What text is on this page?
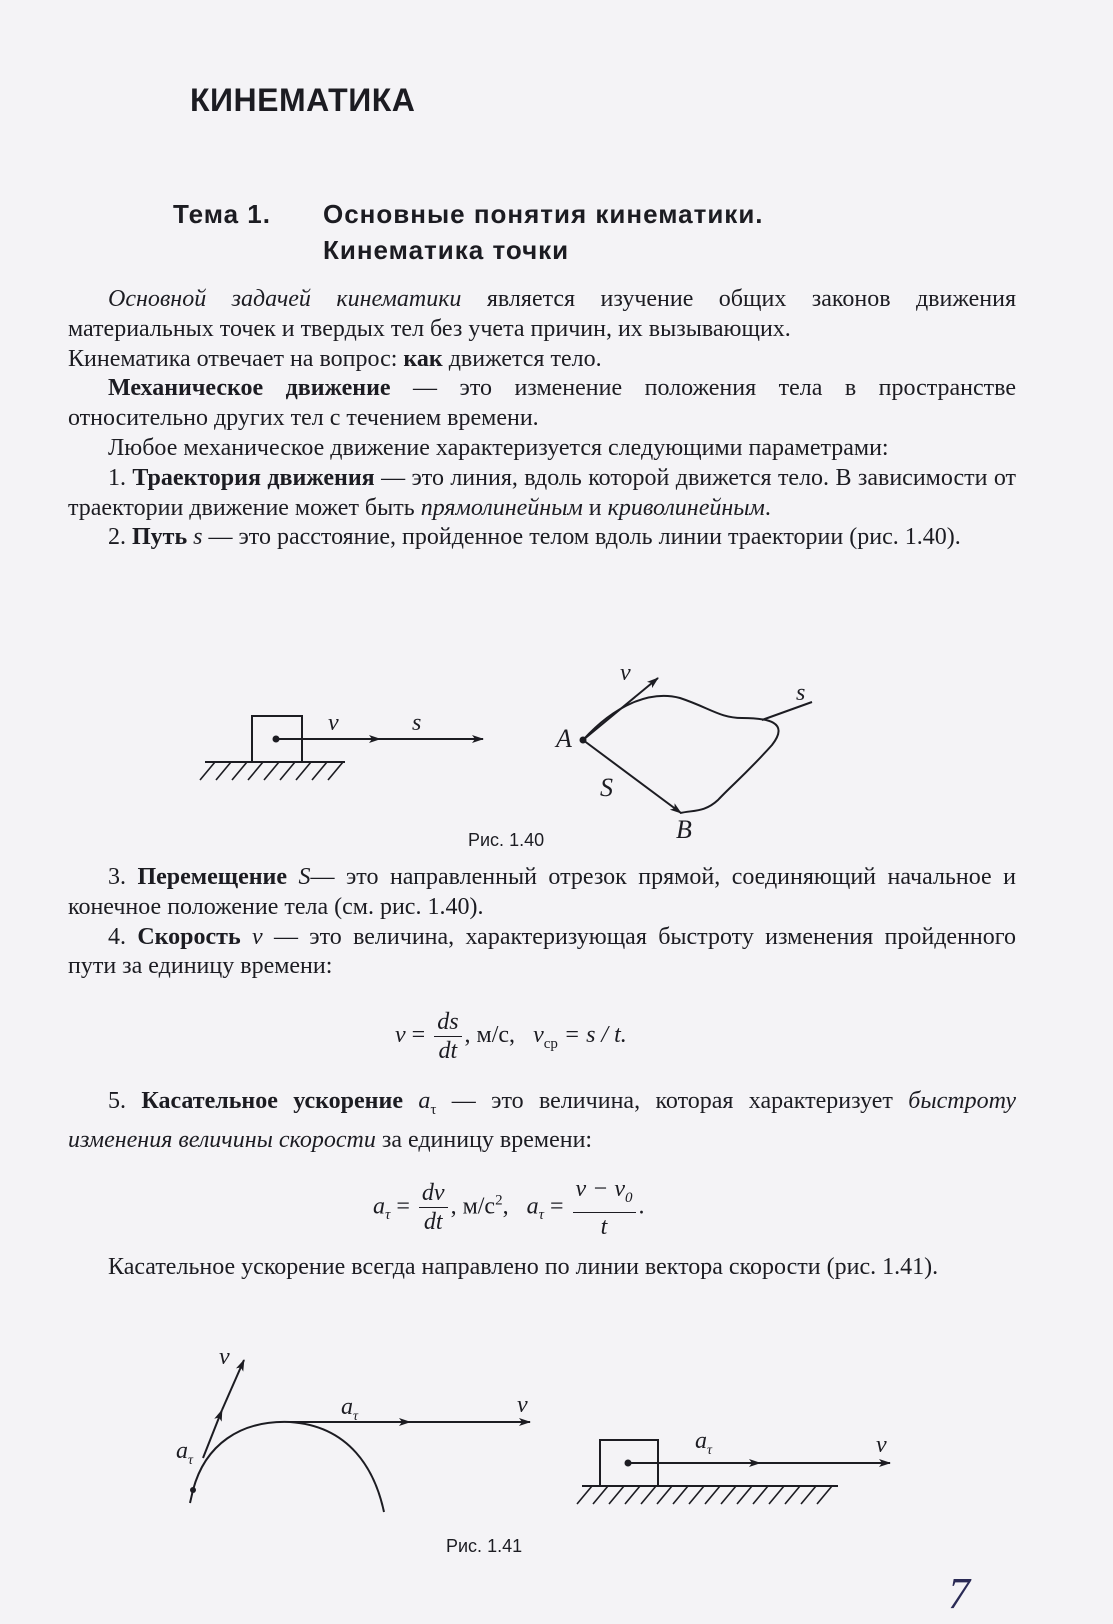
КИНЕМАТИКА
Тема 1. Основные понятия кинематики.
Кинематика точки

Основной задачей кинематики является изучение общих законов движения материальных точек и твердых тел без учета причин, их вызывающих.

Кинематика отвечает на вопрос: как движется тело.

Механическое движение — это изменение положения тела в пространстве относительно других тел с течением времени.

Любое механическое движение характеризуется следующими параметрами:

1. Траектория движения — это линия, вдоль которой движется тело. В зависимости от траектории движение может быть прямолинейным и криволинейным.

2. Путь s — это расстояние, пройденное телом вдоль линии траектории (рис. 1.40).

v	s
v
s
A
S
B
Рис. 1.40

3. Перемещение S— это направленный отрезок прямой, соединяющий начальное и конечное положение тела (см. рис. 1.40).

4. Скорость v — это величина, характеризующая быстроту изменения пройденного пути за единицу времени:

$v = \frac{ds}{dt}$ , м/с, $v_{ср} = s / t$.

5. Касательное ускорение $a_\tau$ — это величина, которая характеризует быстроту изменения величины скорости за единицу времени:

$a_\tau = \frac{dv}{dt}$ , $м/с^2$, $a_\tau = \frac{v - v_0}{t}$ .

Касательное ускорение всегда направлено по линии вектора скорости (рис. 1.41).

v
$a_\tau$	v
$a_\tau$
$a_\tau$	v
Рис. 1.41
7
